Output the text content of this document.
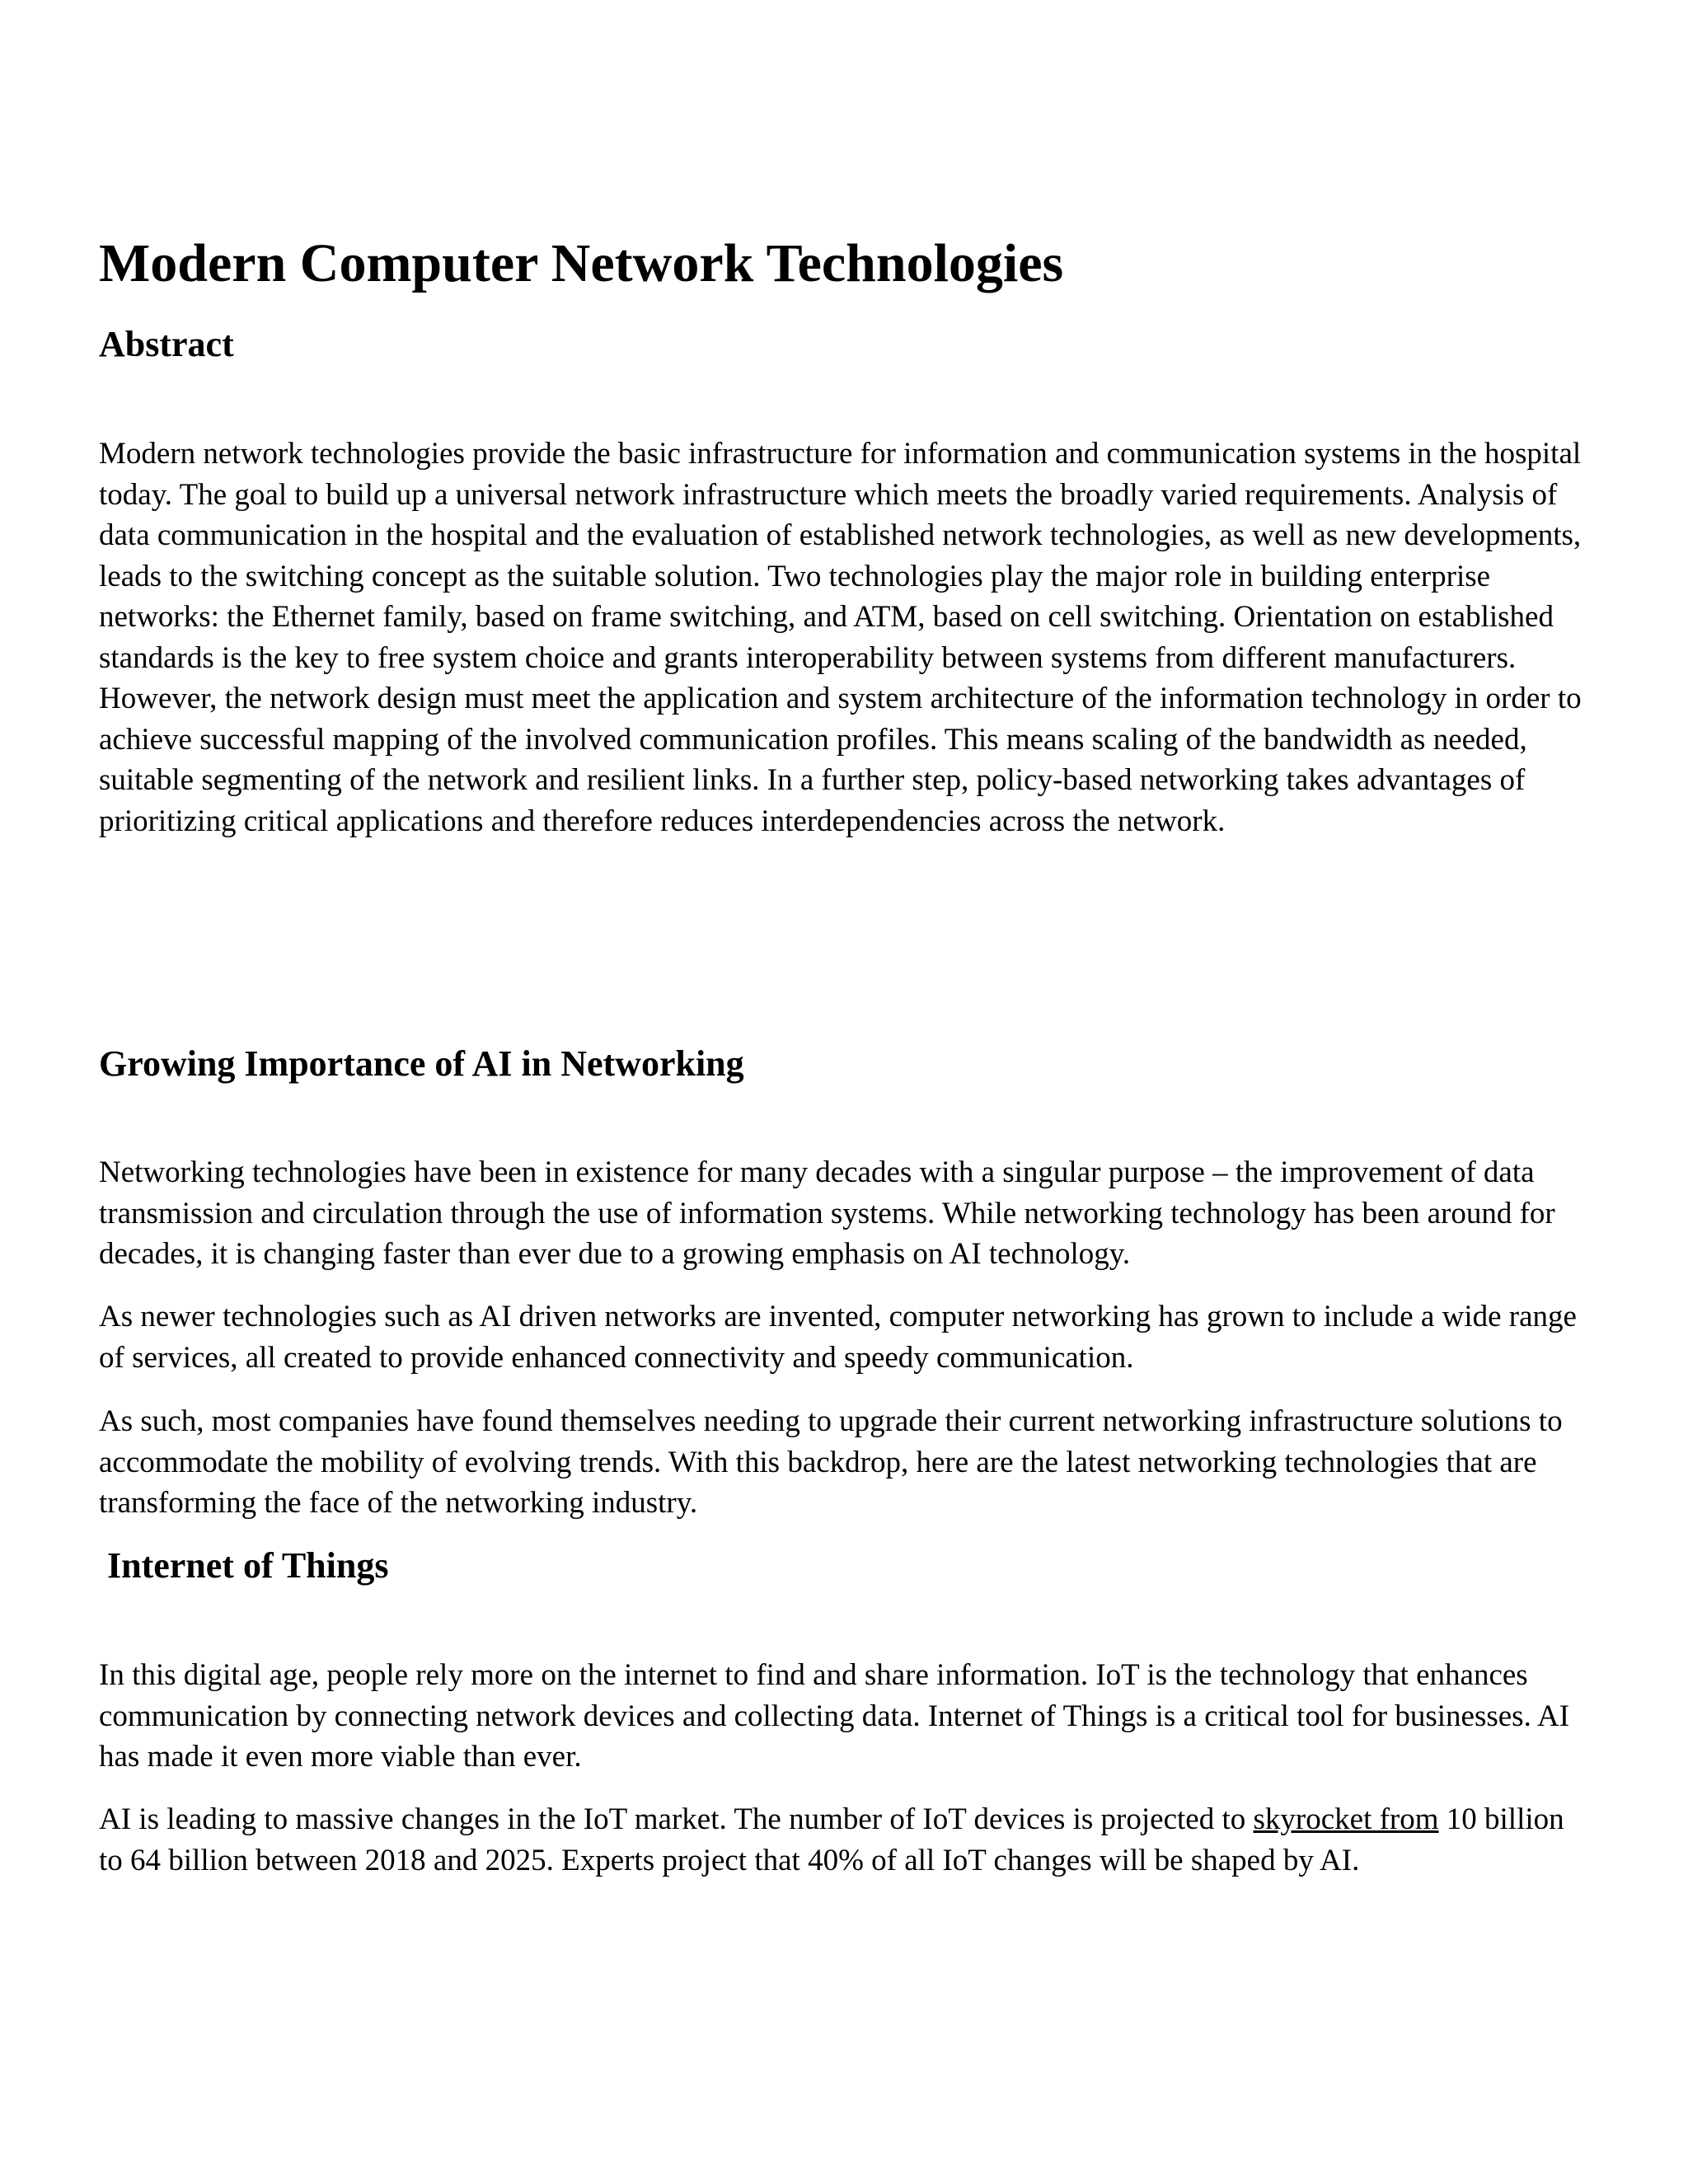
Modern Computer Network Technologies
Abstract

Modern network technologies provide the basic infrastructure for information and communication systems in the hospital today. The goal to build up a universal network infrastructure which meets the broadly varied requirements. Analysis of data communication in the hospital and the evaluation of established network technologies, as well as new developments, leads to the switching concept as the suitable solution. Two technologies play the major role in building enterprise networks: the Ethernet family, based on frame switching, and ATM, based on cell switching. Orientation on established standards is the key to free system choice and grants interoperability between systems from different manufacturers. However, the network design must meet the application and system architecture of the information technology in order to achieve successful mapping of the involved communication profiles. This means scaling of the bandwidth as needed, suitable segmenting of the network and resilient links. In a further step, policy-based networking takes advantages of prioritizing critical applications and therefore reduces interdependencies across the network.

Growing Importance of AI in Networking

Networking technologies have been in existence for many decades with a singular purpose – the improvement of data transmission and circulation through the use of information systems. While networking technology has been around for decades, it is changing faster than ever due to a growing emphasis on AI technology.

As newer technologies such as AI driven networks are invented, computer networking has grown to include a wide range of services, all created to provide enhanced connectivity and speedy communication.

As such, most companies have found themselves needing to upgrade their current networking infrastructure solutions to accommodate the mobility of evolving trends. With this backdrop, here are the latest networking technologies that are transforming the face of the networking industry.

Internet of Things

In this digital age, people rely more on the internet to find and share information. IoT is the technology that enhances communication by connecting network devices and collecting data. Internet of Things is a critical tool for businesses. AI has made it even more viable than ever.

AI is leading to massive changes in the IoT market. The number of IoT devices is projected to skyrocket from 10 billion to 64 billion between 2018 and 2025. Experts project that 40% of all IoT changes will be shaped by AI.
